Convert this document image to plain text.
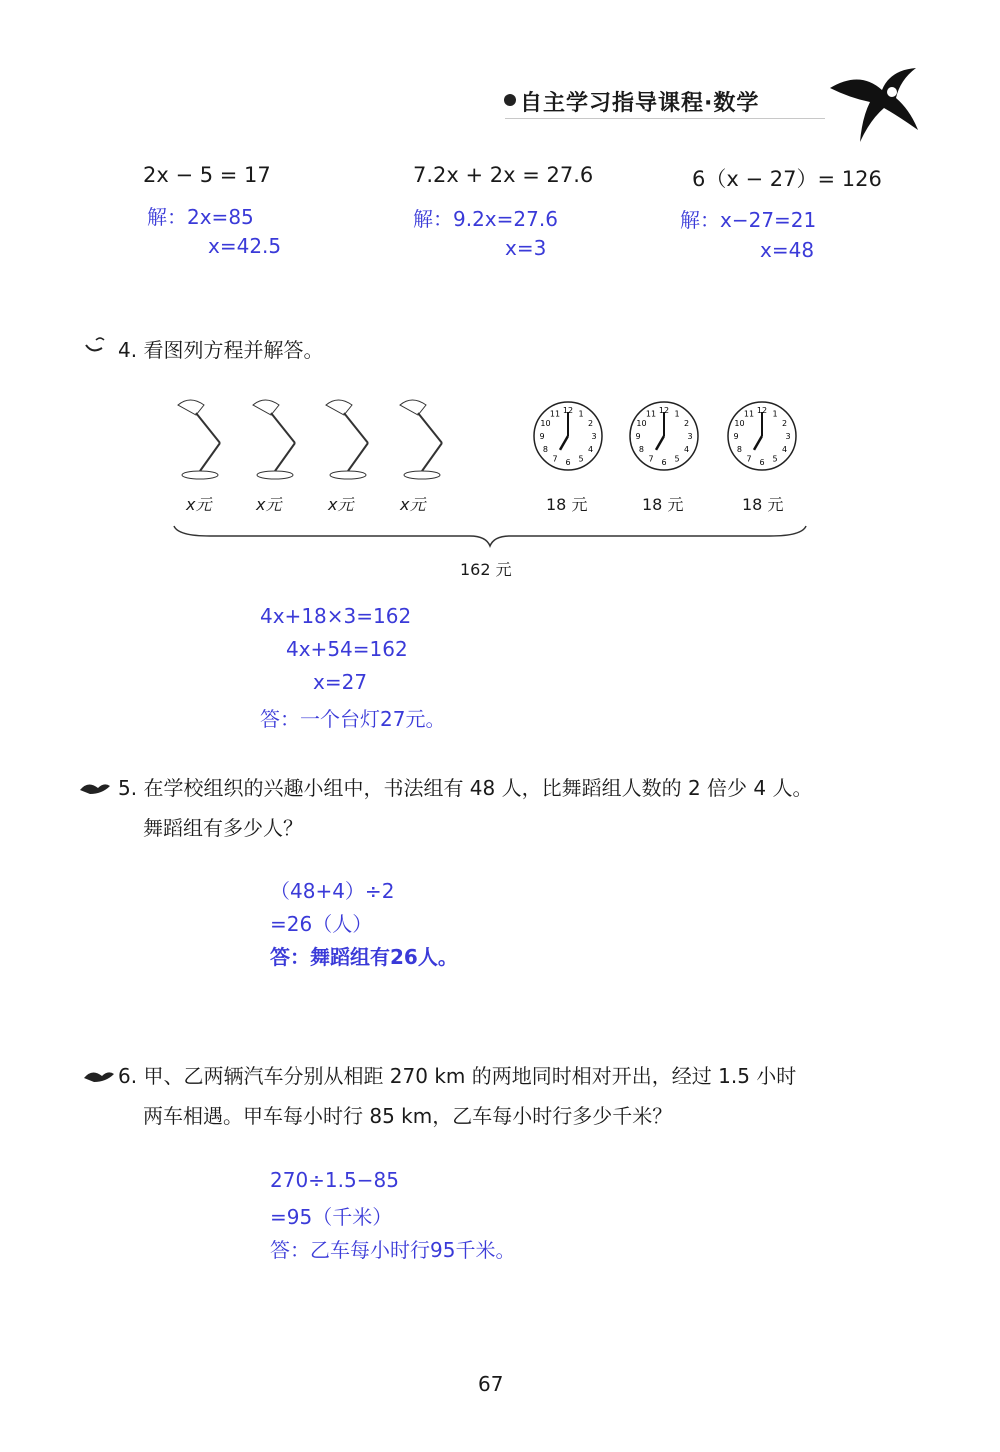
自主学习指导课程·数学
2x − 5 = 17
解：2x=85
x=42.5
7.2x + 2x = 27.6
解：9.2x=27.6
x=3
6（x − 27）= 126
解：x−27=21
x=48
4. 看图列方程并解答。
12 1
2
3
4
5
6
7
8
9
10
11	12 1
2
3
4
5
6
7
8
9
10
11	12 1
2
3
4
5
6
7
8
9
10
11
x元	x元	x元	x元	18 元	18 元	18 元
162 元
4x+18×3=162
4x+54=162
x=27
答：一个台灯27元。
5. 在学校组织的兴趣小组中，书法组有 48 人，比舞蹈组人数的 2 倍少 4 人。
舞蹈组有多少人？
（48+4）÷2
=26（人）
答：舞蹈组有26人。
6. 甲、乙两辆汽车分别从相距 270 km 的两地同时相对开出，经过 1.5 小时
两车相遇。甲车每小时行 85 km，乙车每小时行多少千米？
270÷1.5−85
=95（千米）
答：乙车每小时行95千米。
67
